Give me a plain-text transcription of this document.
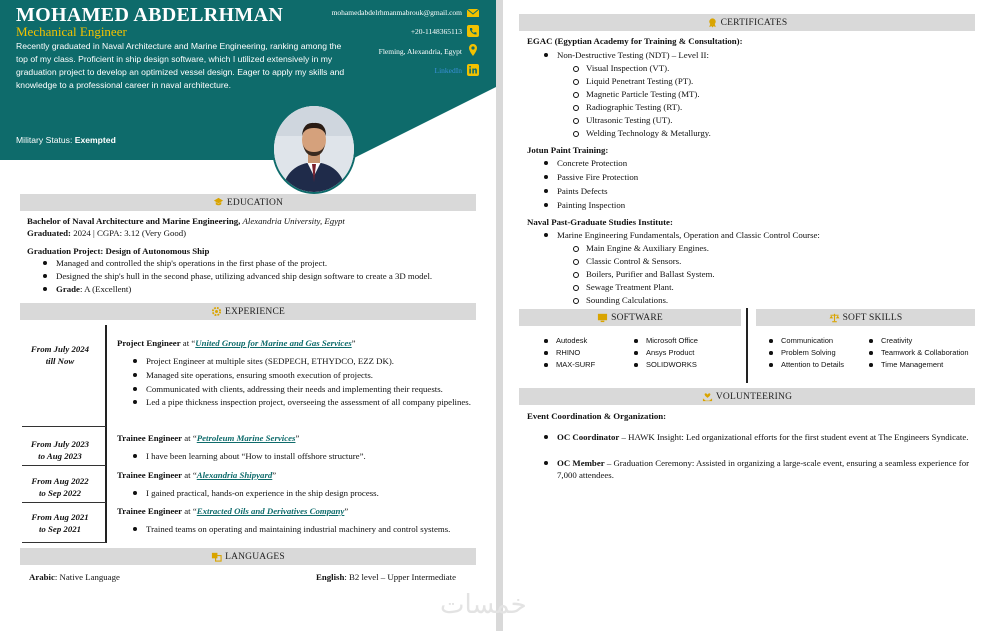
MOHAMED ABDELRHMAN
Mechanical Engineer
Recently graduated in Naval Architecture and Marine Engineering, ranking among the top of my class. Proficient in ship design software, which I utilized extensively in my graduation project to develop an optimized vessel design. Eager to apply my skills and knowledge to a professional career in naval architecture.
Military Status: Exempted
mohamedabdelrhmanmabrouk@gmail.com
+20-1148365113
Fleming, Alexandria, Egypt
LinkedIn
EDUCATION
Bachelor of Naval Architecture and Marine Engineering, Alexandria University, Egypt
Graduated: 2024 | CGPA: 3.12 (Very Good)
Graduation Project: Design of Autonomous Ship
Managed and controlled the ship's operations in the first phase of the project.
Designed the ship's hull in the second phase, utilizing advanced ship design software to create a 3D model.
Grade: A (Excellent)
EXPERIENCE
From July 2024
till Now
Project Engineer at “United Group for Marine and Gas Services”
Project Engineer at multiple sites (SEDPECH, ETHYDCO, EZZ DK).
Managed site operations, ensuring smooth execution of projects.
Communicated with clients, addressing their needs and implementing their requests.
Led a pipe thickness inspection project, overseeing the assessment of all company pipelines.
From July 2023
to Aug 2023
Trainee Engineer at “Petroleum Marine Services”
I have been learning about “How to install offshore structure”.
From Aug 2022
to Sep 2022
Trainee Engineer at “Alexandria Shipyard”
I gained practical, hands-on experience in the ship design process.
From Aug 2021
to Sep 2021
Trainee Engineer at “Extracted Oils and Derivatives Company”
Trained teams on operating and maintaining industrial machinery and control systems.
LANGUAGES
Arabic: Native Language	English: B2 level – Upper Intermediate
CERTIFICATES
EGAC (Egyptian Academy for Training & Consultation):
Non-Destructive Testing (NDT) – Level II:
Visual Inspection (VT).
Liquid Penetrant Testing (PT).
Magnetic Particle Testing (MT).
Radiographic Testing (RT).
Ultrasonic Testing (UT).
Welding Technology & Metallurgy.
Jotun Paint Training:
Concrete Protection
Passive Fire Protection
Paints Defects
Painting Inspection
Naval Past-Graduate Studies Institute:
Marine Engineering Fundamentals, Operation and Classic Control Course:
Main Engine & Auxiliary Engines.
Classic Control & Sensors.
Boilers, Purifier and Ballast System.
Sewage Treatment Plant.
Sounding Calculations.
SOFTWARE
Autodesk
RHINO
MAX-SURF
Microsoft Office
Ansys Product
SOLIDWORKS
SOFT SKILLS
Communication
Problem Solving
Attention to Details
Creativity
Teamwork & Collaboration
Time Management
VOLUNTEERING
Event Coordination & Organization:
OC Coordinator – HAWK Insight: Led organizational efforts for the first student event at The Engineers Syndicate.
OC Member – Graduation Ceremony: Assisted in organizing a large-scale event, ensuring a seamless experience for 7,000 attendees.
خمسات
